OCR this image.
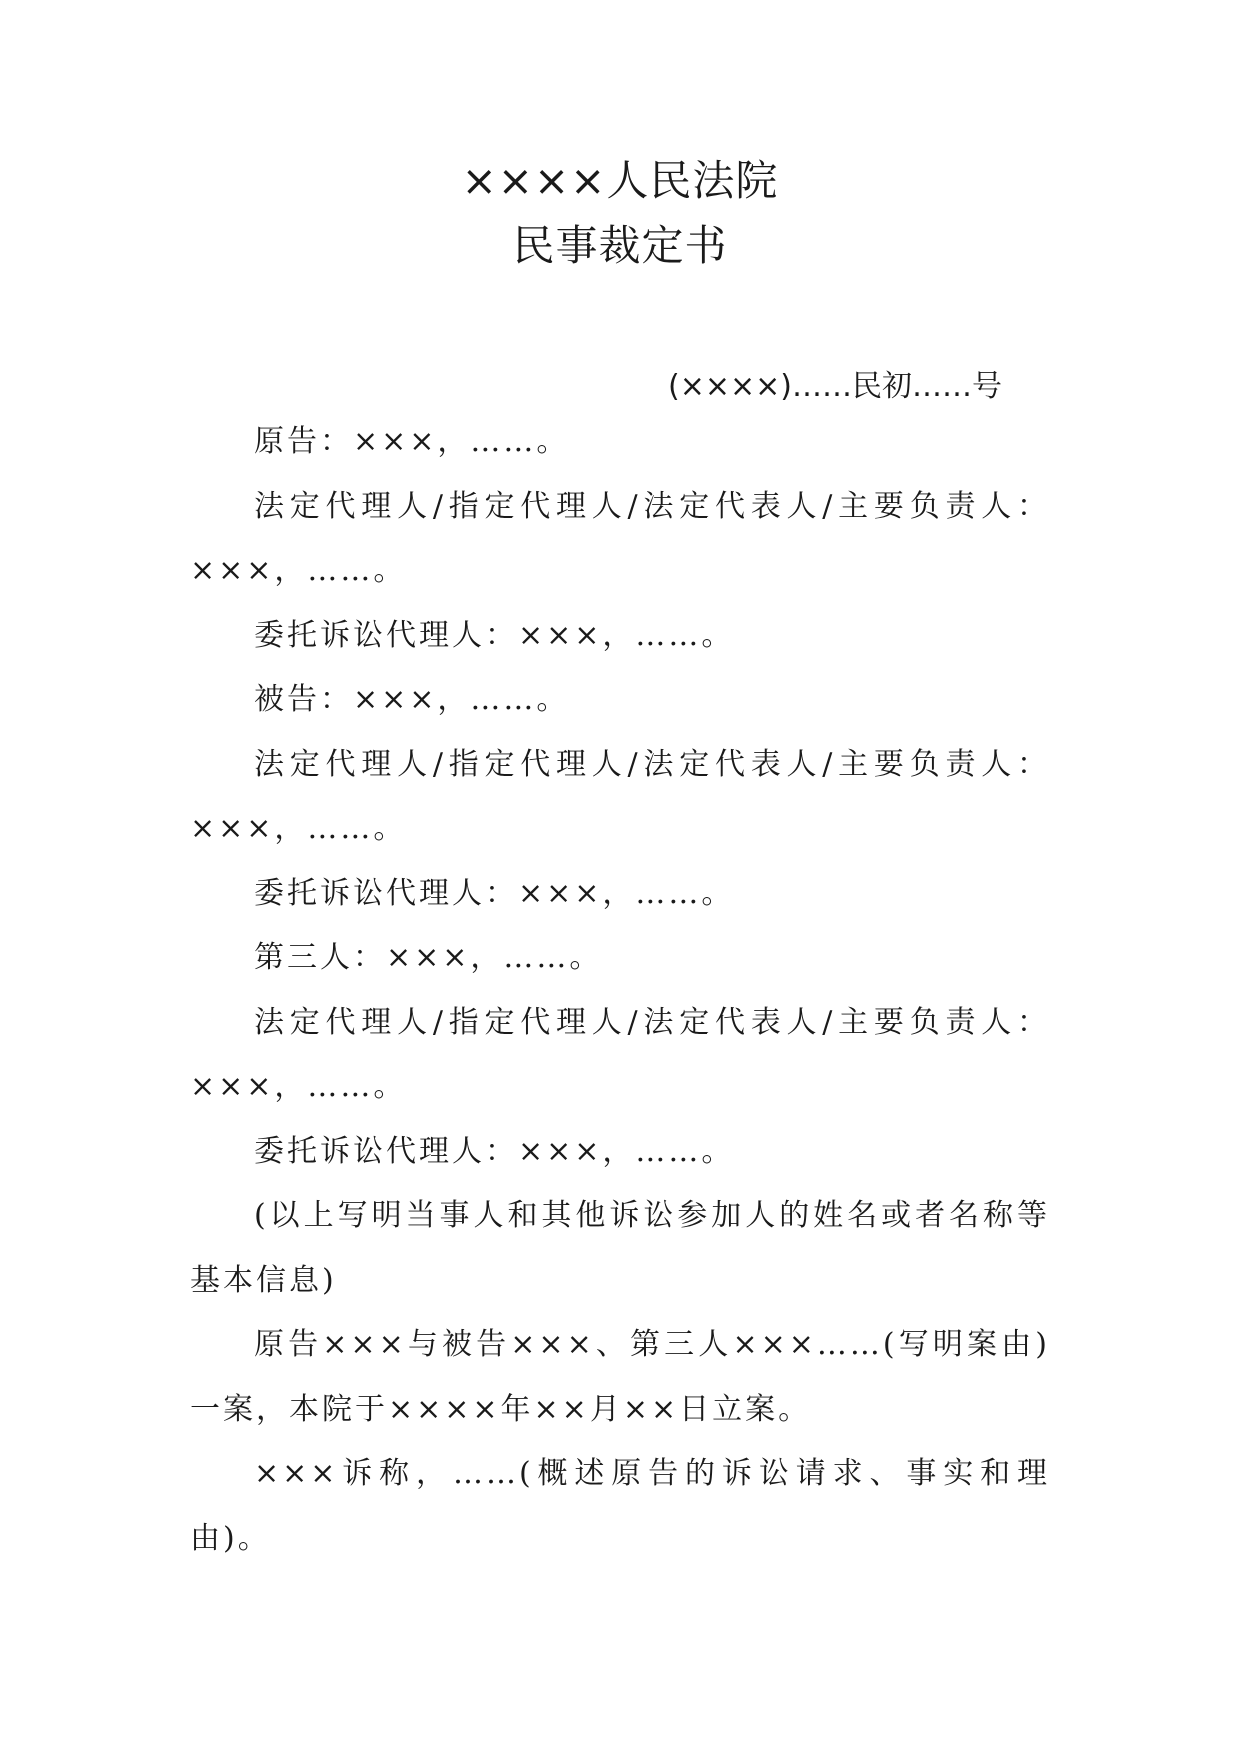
××××人民法院
民事裁定书
(××××)……民初……号

原告：×××，……。

法定代理人/指定代理人/法定代表人/主要负责人：×××，……。

委托诉讼代理人：×××，……。

被告：×××，……。

法定代理人/指定代理人/法定代表人/主要负责人：×××，……。

委托诉讼代理人：×××，……。

第三人：×××，……。

法定代理人/指定代理人/法定代表人/主要负责人：×××，……。

委托诉讼代理人：×××，……。

(以上写明当事人和其他诉讼参加人的姓名或者名称等基本信息)

原告×××与被告×××、第三人×××……(写明案由)一案，本院于××××年××月××日立案。

×××诉称，……(概述原告的诉讼请求、事实和理由)。
